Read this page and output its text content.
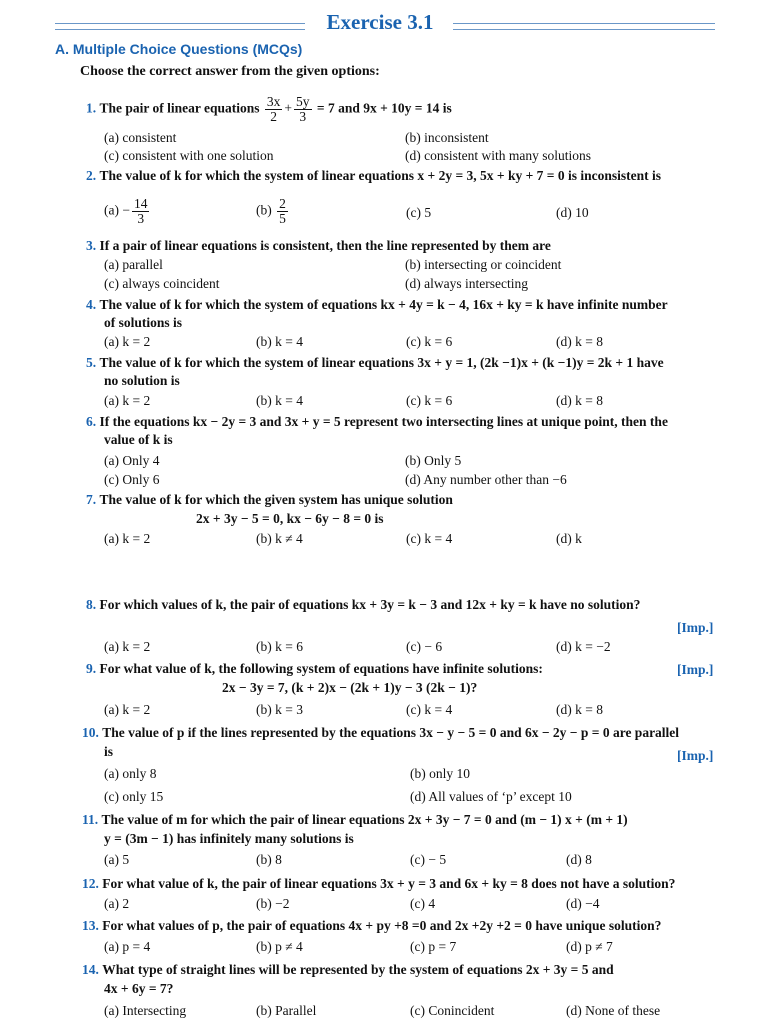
Exercise 3.1
A. Multiple Choice Questions (MCQs)
Choose the correct answer from the given options:
1. The pair of linear equations $\frac{3x}{2} + \frac{5y}{3} = 7$ and 9x + 10y = 14 is
(a) consistent	(b) inconsistent
(c) consistent with one solution	(d) consistent with many solutions
2. The value of k for which the system of linear equations x + 2y = 3, 5x + ky + 7 = 0 is inconsistent is
$(a) - \frac{14}{3}$	$(b) \frac{2}{5}$	(c) 5	(d) 10
3. If a pair of linear equations is consistent, then the line represented by them are
(a) parallel	(b) intersecting or coincident
(c) always coincident	(d) always intersecting
4. The value of k for which the system of equations kx + 4y = k − 4, 16x + ky = k have infinite number
of solutions is
(a) k = 2	(b) k = 4	(c) k = 6	(d) k = 8
5. The value of k for which the system of linear equations 3x + y = 1, (2k −1)x + (k −1)y = 2k + 1 have
no solution is
(a) k = 2	(b) k = 4	(c) k = 6	(d) k = 8
6. If the equations kx − 2y = 3 and 3x + y = 5 represent two intersecting lines at unique point, then the
value of k is
(a) Only 4	(b) Only 5
(c) Only 6	(d) Any number other than −6
7. The value of k for which the given system has unique solution
2x + 3y − 5 = 0, kx − 6y − 8 = 0 is
(a) k = 2	(b) k ≠ 4	(c) k = 4	(d) k
8. For which values of k, the pair of equations kx + 3y = k − 3 and 12x + ky = k have no solution?
[Imp.]
(a) k = 2	(b) k = 6	(c) − 6	(d) k = −2
9. For what value of k, the following system of equations have infinite solutions:	[Imp.]
2x − 3y = 7, (k + 2)x − (2k + 1)y − 3 (2k − 1)?
(a) k = 2	(b) k = 3	(c) k = 4	(d) k = 8
10. The value of p if the lines represented by the equations 3x − y − 5 = 0 and 6x − 2y − p = 0 are parallel
is	[Imp.]
(a) only 8	(b) only 10
(c) only 15	(d) All values of ‘p’ except 10
11. The value of m for which the pair of linear equations 2x + 3y − 7 = 0 and (m − 1) x + (m + 1)
y = (3m − 1) has infinitely many solutions is
(a) 5	(b) 8	(c) − 5	(d) 8
12. For what value of k, the pair of linear equations 3x + y = 3 and 6x + ky = 8 does not have a solution?
(a) 2	(b) −2	(c) 4	(d) −4
13. For what values of p, the pair of equations 4x + py +8 =0 and 2x +2y +2 = 0 have unique solution?
(a) p = 4	(b) p ≠ 4	(c) p = 7	(d) p ≠ 7
14. What type of straight lines will be represented by the system of equations 2x + 3y = 5 and
4x + 6y = 7?
(a) Intersecting	(b) Parallel	(c) Conincident	(d) None of these
